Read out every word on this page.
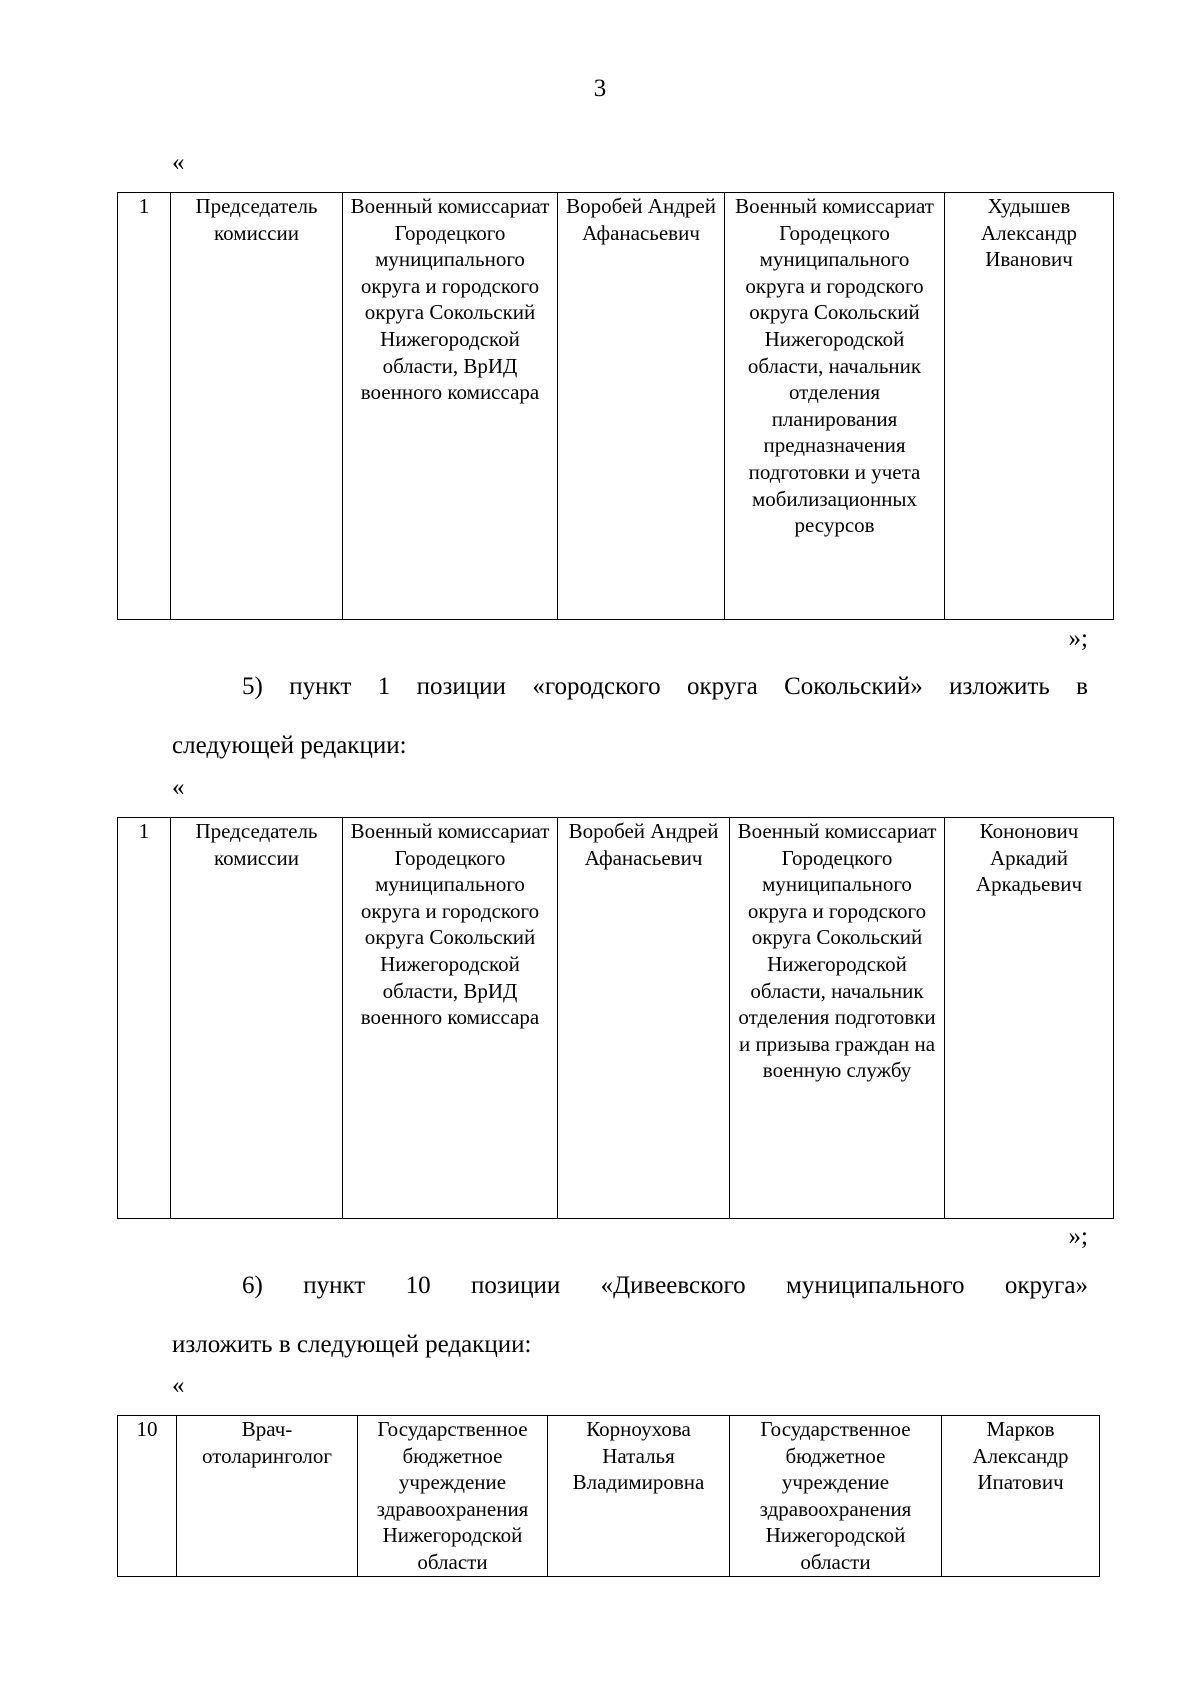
3
«
1	Председатель комиссии	Военный комиссариат Городецкого муниципального округа и городского округа Сокольский Нижегородской области, ВрИД военного комиссара	Воробей Андрей Афанасьевич	Военный комиссариат Городецкого муниципального округа и городского округа Сокольский Нижегородской области, начальник отделения планирования предназначения подготовки и учета мобилизационных ресурсов	Худышев Александр Иванович
»;
5) пункт 1 позиции «городского округа Сокольский» изложить в
следующей редакции:
«
1	Председатель комиссии	Военный комиссариат Городецкого муниципального округа и городского округа Сокольский Нижегородской области, ВрИД военного комиссара	Воробей Андрей Афанасьевич	Военный комиссариат Городецкого муниципального округа и городского округа Сокольский Нижегородской области, начальник отделения подготовки и призыва граждан на военную службу	Кононович Аркадий Аркадьевич
»;
6) пункт 10 позиции «Дивеевского муниципального округа»
изложить в следующей редакции:
«
10	Врач-отоларинголог	Государственное бюджетное учреждение здравоохранения Нижегородской области	Корноухова Наталья Владимировна	Государственное бюджетное учреждение здравоохранения Нижегородской области	Марков Александр Ипатович
